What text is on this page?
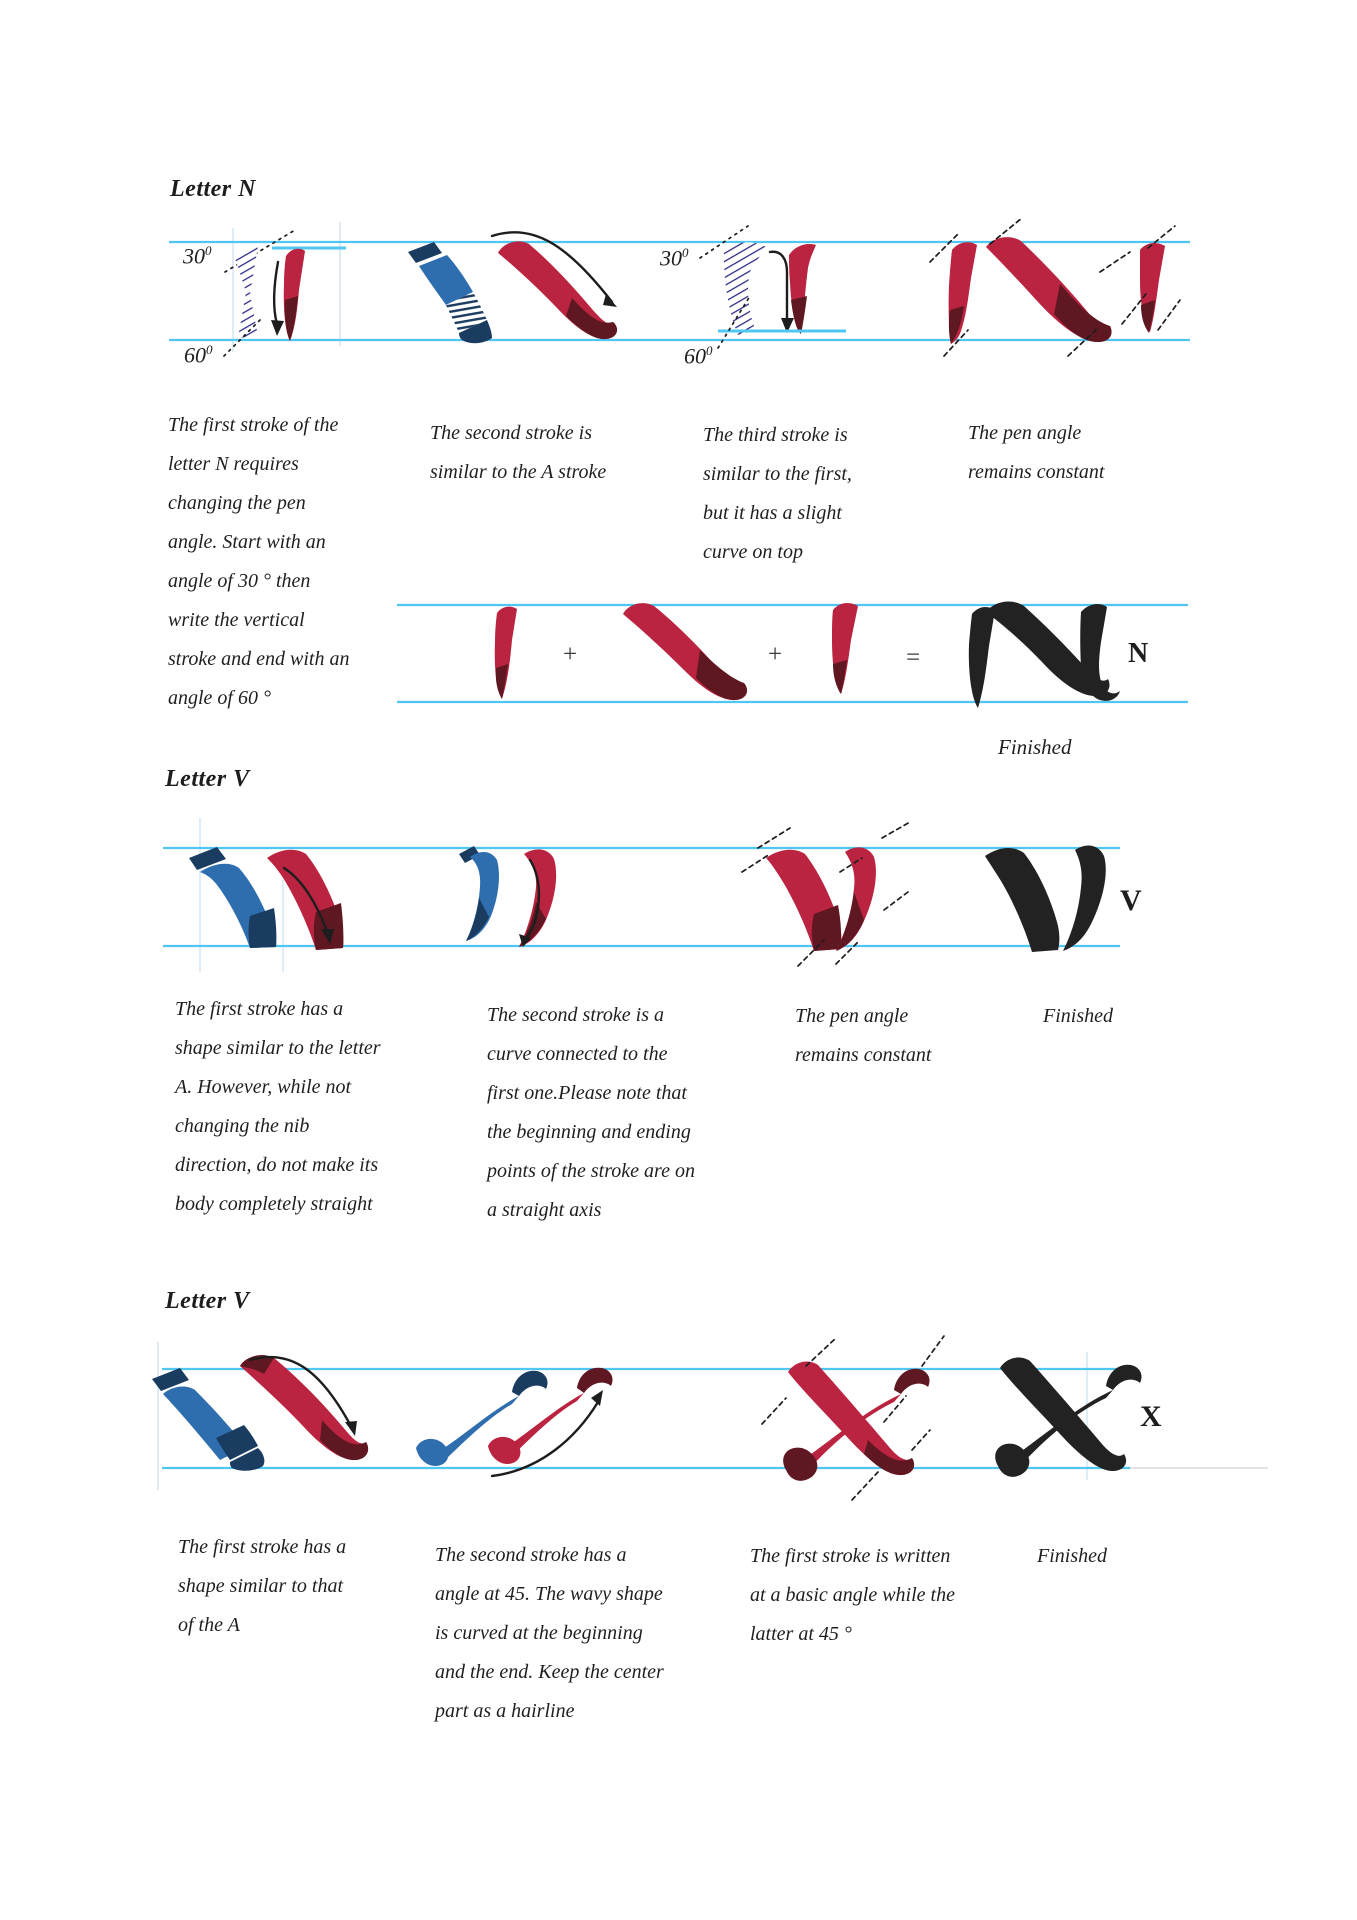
Letter N
$30^0$
$60^0$
$30^0$
$60^0$
The first stroke of the
letter N requires
changing the pen
angle. Start with an
angle of 30 ° then
write the vertical
stroke and end with an
angle of 60 °
The second stroke is
similar to the A stroke
The third stroke is
similar to the first,
but it has a slight
curve on top
The pen angle
remains constant
+	+	=	N
Finished
Letter V
V
The first stroke has a
shape similar to the letter
A. However, while not
changing the nib
direction, do not make its
body completely straight
The second stroke is a
curve connected to the
first one.Please note that
the beginning and ending
points of the stroke are on
a straight axis
The pen angle
remains constant
Finished
Letter V
X
The first stroke has a
shape similar to that
of the A
The second stroke has a
angle at 45. The wavy shape
is curved at the beginning
and the end. Keep the center
part as a hairline
The first stroke is written
at a basic angle while the
latter at 45 °
Finished
